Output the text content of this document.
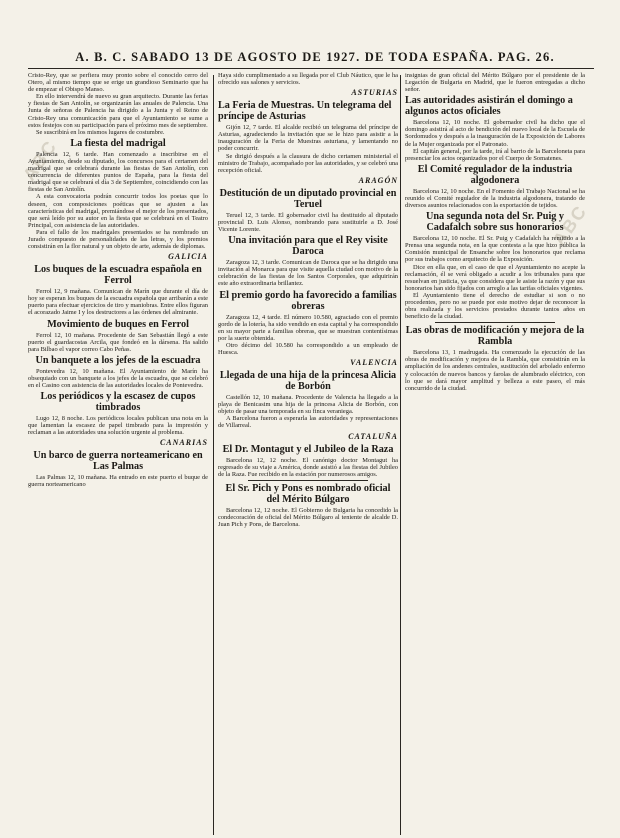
ABC
ABC
A. B. C. SABADO 13 DE AGOSTO DE 1927. DE TODA ESPAÑA. PAG. 26.

Cristo-Rey, que se perfiera muy pronto sobre el conocido cerro del Otero, al mismo tiempo que se erige un grandioso Seminario que ha de empezar el Obispo Manso.

En ello intervendrá de nuevo su gran arquitecto. Durante las ferias y fiestas de San Antolín, se organizarán las anuales de Palencia. Una Junta de señoras de Palencia ha dirigido a la Junta y el Reino de Cristo-Rey una comunicación para que el Ayuntamiento se sume a estos festejos con su participación para el próximo mes de septiembre.

Se suscribirá en los mismos lugares de costumbre.

La fiesta del madrigal

Palencia 12, 6 tarde. Han comenzado a inscribirse en el Ayuntamiento, desde su diputado, los concursos para el certamen del madrigal que se celebrará durante las fiestas de San Antolín, con concurrencia de diferentes puntos de España, para la fiesta del madrigal que se celebrará el día 3 de Septiembre, coincidiendo con las fiestas de San Antolín.

A esta convocatoria podrán concurrir todos los poetas que lo deseen, con composiciones poéticas que se ajusten a las características del madrigal, premiándose el mejor de los presentados, que será leído por su autor en la fiesta que se celebrará en el Teatro Principal, con asistencia de las autoridades.

Para el fallo de los madrigales presentados se ha nombrado un Jurado compuesto de personalidades de las letras, y los premios consistirán en la flor natural y un objeto de arte, además de diplomas.

GALICIA
Los buques de la escuadra española en Ferrol

Ferrol 12, 9 mañana. Comunican de Marín que durante el día de hoy se esperan los buques de la escuadra española que arribarán a este puerto para efectuar ejercicios de tiro y maniobras. Entre ellos figuran el acorazado Jaime I y los destructores a las órdenes del almirante.

Movimiento de buques en Ferrol

Ferrol 12, 10 mañana. Procedente de San Sebastián llegó a este puerto el guardacostas Arcila, que fondeó en la dársena. Ha salido para Bilbao el vapor correo Cabo Peñas.

Un banquete a los jefes de la escuadra

Pontevedra 12, 10 mañana. El Ayuntamiento de Marín ha obsequiado con un banquete a los jefes de la escuadra, que se celebró en el Casino con asistencia de las autoridades locales de Pontevedra.

Los periódicos y la escasez de cupos timbrados

Lugo 12, 8 noche. Los periódicos locales publican una nota en la que lamentan la escasez de papel timbrado para la impresión y reclaman a las autoridades una solución urgente al problema.

CANARIAS
Un barco de guerra norteamericano en Las Palmas

Las Palmas 12, 10 mañana. Ha entrado en este puerto el buque de guerra norteamericano

Haya sido cumplimentado a su llegada por el Club Náutico, que le ha ofrecido sus salones y servicios.

ASTURIAS
La Feria de Muestras. Un telegrama del príncipe de Asturias

Gijón 12, 7 tarde. El alcalde recibió un telegrama del príncipe de Asturias, agradeciendo la invitación que se le hizo para asistir a la inauguración de la Feria de Muestras asturiana, y lamentando no poder concurrir.

Se dirigió después a la clausura de dicho certamen ministerial el ministro de Trabajo, acompañado por las autoridades, y se celebró una recepción oficial.

ARAGÓN
Destitución de un diputado provincial en Teruel

Teruel 12, 3 tarde. El gobernador civil ha destituido al diputado provincial D. Luis Alonso, nombrando para sustituirle a D. José Vicente Lorente.

Una invitación para que el Rey visite Daroca

Zaragoza 12, 3 tarde. Comunican de Daroca que se ha dirigido una invitación al Monarca para que visite aquella ciudad con motivo de la celebración de las fiestas de los Santos Corporales, que adquirirán este año extraordinaria brillantez.

El premio gordo ha favorecido a familias obreras

Zaragoza 12, 4 tarde. El número 10.580, agraciado con el premio gordo de la lotería, ha sido vendido en esta capital y ha correspondido en su mayor parte a familias obreras, que se muestran contentísimas por la suerte obtenida.

Otro décimo del 10.580 ha correspondido a un empleado de Huesca.

VALENCIA
Llegada de una hija de la princesa Alicia de Borbón

Castellón 12, 10 mañana. Procedente de Valencia ha llegado a la playa de Benicasim una hija de la princesa Alicia de Borbón, con objeto de pasar una temporada en su finca veraniega.

A Barcelona fueron a esperarla las autoridades y representaciones de Villarreal.

CATALUÑA
El Dr. Montagut y el Jubileo de la Raza

Barcelona 12, 12 noche. El canónigo doctor Montagut ha regresado de su viaje a América, donde asistió a las fiestas del Jubileo de la Raza. Fue recibido en la estación por numerosos amigos.

El Sr. Pich y Pons es nombrado oficial del Mérito Búlgaro

Barcelona 12, 12 noche. El Gobierno de Bulgaria ha concedido la condecoración de oficial del Mérito Búlgaro al teniente de alcalde D. Juan Pich y Pons, de Barcelona.

insignias de gran oficial del Mérito Búlgaro por el presidente de la Legación de Bulgaria en Madrid, que le fueron entregadas a dicho señor.

Las autoridades asistirán el domingo a algunos actos oficiales

Barcelona 12, 10 noche. El gobernador civil ha dicho que el domingo asistirá al acto de bendición del nuevo local de la Escuela de Sordomudos y después a la inauguración de la Exposición de Labores de la Mujer organizada por el Patronato.

El capitán general, por la tarde, irá al barrio de la Barceloneta para presenciar los actos organizados por el Cuerpo de Somatenes.

El Comité regulador de la industria algodonera

Barcelona 12, 10 noche. En el Fomento del Trabajo Nacional se ha reunido el Comité regulador de la industria algodonera, tratando de diversos asuntos relacionados con la exportación de tejidos.

Una segunda nota del Sr. Puig y Cadafalch sobre sus honorarios

Barcelona 12, 10 noche. El Sr. Puig y Cadafalch ha remitido a la Prensa una segunda nota, en la que contesta a la que hizo pública la Comisión municipal de Ensanche sobre los honorarios que reclama por sus trabajos como arquitecto de la Exposición.

Dice en ella que, en el caso de que el Ayuntamiento no acepte la reclamación, él se verá obligado a acudir a los tribunales para que resuelvan en justicia, ya que considera que le asiste la razón y que sus honorarios han sido fijados con arreglo a las tarifas oficiales vigentes.

El Ayuntamiento tiene el derecho de estudiar si son o no procedentes, pero no se puede por este motivo dejar de reconocer la obra realizada y los servicios prestados durante tantos años en beneficio de la ciudad.

Las obras de modificación y mejora de la Rambla

Barcelona 13, 1 madrugada. Ha comenzado la ejecución de las obras de modificación y mejora de la Rambla, que consistirán en la ampliación de los andenes centrales, sustitución del arbolado enfermo y colocación de nuevos bancos y farolas de alumbrado eléctrico, con lo que se dará mayor amplitud y belleza a este paseo, el más concurrido de la ciudad.
